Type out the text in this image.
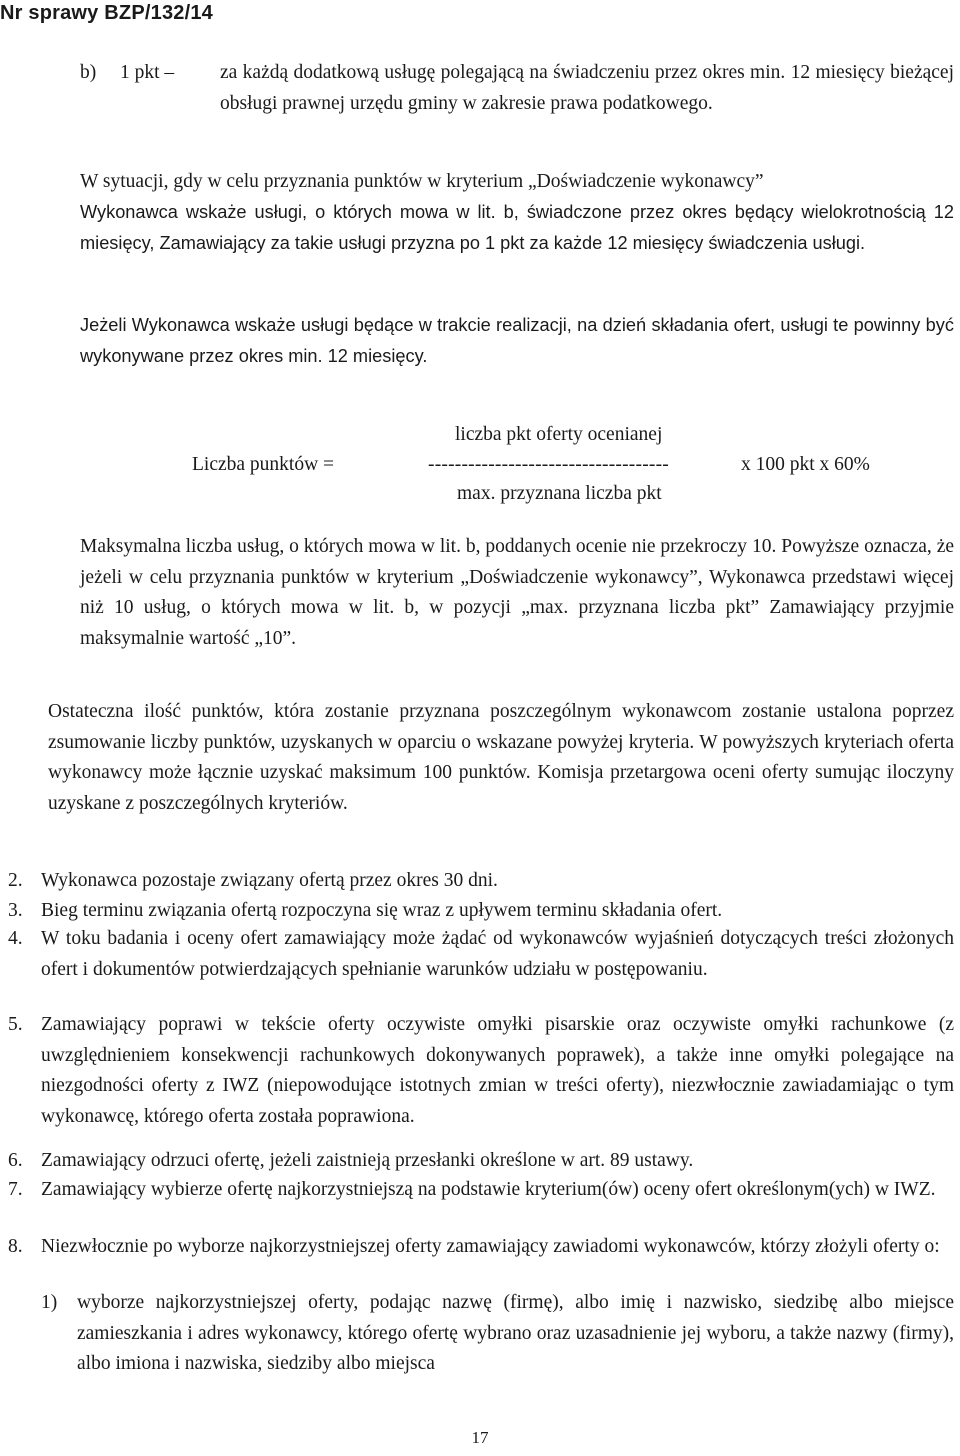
Nr sprawy BZP/132/14
b) 1 pkt – za każdą dodatkową usługę polegającą na świadczeniu przez okres min. 12 miesięcy bieżącej obsługi prawnej urzędu gminy w zakresie prawa podatkowego.
W sytuacji, gdy w celu przyznania punktów w kryterium „Doświadczenie wykonawcy”
Wykonawca wskaże usługi, o których mowa w lit. b, świadczone przez okres będący wielokrotnością 12 miesięcy, Zamawiający za takie usługi przyzna po 1 pkt za każde 12 miesięcy świadczenia usługi.
Jeżeli Wykonawca wskaże usługi będące w trakcie realizacji, na dzień składania ofert, usługi te powinny być wykonywane przez okres min. 12 miesięcy.
liczba pkt oferty ocenianej
Liczba punktów =	------------------------------------	x 100 pkt x 60%
max. przyznana liczba pkt
Maksymalna liczba usług, o których mowa w lit. b, poddanych ocenie nie przekroczy 10. Powyższe oznacza, że jeżeli w celu przyznania punktów w kryterium „Doświadczenie wykonawcy”, Wykonawca przedstawi więcej niż 10 usług, o których mowa w lit. b, w pozycji „max. przyznana liczba pkt” Zamawiający przyjmie maksymalnie wartość „10”.
Ostateczna ilość punktów, która zostanie przyznana poszczególnym wykonawcom zostanie ustalona poprzez zsumowanie liczby punktów, uzyskanych w oparciu o wskazane powyżej kryteria. W powyższych kryteriach oferta wykonawcy może łącznie uzyskać maksimum 100 punktów. Komisja przetargowa oceni oferty sumując iloczyny uzyskane z poszczególnych kryteriów.
2. Wykonawca pozostaje związany ofertą przez okres 30 dni.
3. Bieg terminu związania ofertą rozpoczyna się wraz z upływem terminu składania ofert.
4. W toku badania i oceny ofert zamawiający może żądać od wykonawców wyjaśnień dotyczących treści złożonych ofert i dokumentów potwierdzających spełnianie warunków udziału w postępowaniu.
5. Zamawiający poprawi w tekście oferty oczywiste omyłki pisarskie oraz oczywiste omyłki rachunkowe (z uwzględnieniem konsekwencji rachunkowych dokonywanych poprawek), a także inne omyłki polegające na niezgodności oferty z IWZ (niepowodujące istotnych zmian w treści oferty), niezwłocznie zawiadamiając o tym wykonawcę, którego oferta została poprawiona.
6. Zamawiający odrzuci ofertę, jeżeli zaistnieją przesłanki określone w art. 89 ustawy.
7. Zamawiający wybierze ofertę najkorzystniejszą na podstawie kryterium(ów) oceny ofert określonym(ych) w IWZ.
8. Niezwłocznie po wyborze najkorzystniejszej oferty zamawiający zawiadomi wykonawców, którzy złożyli oferty o:
1) wyborze najkorzystniejszej oferty, podając nazwę (firmę), albo imię i nazwisko, siedzibę albo miejsce zamieszkania i adres wykonawcy, którego ofertę wybrano oraz uzasadnienie jej wyboru, a także nazwy (firmy), albo imiona i nazwiska, siedziby albo miejsca
17
